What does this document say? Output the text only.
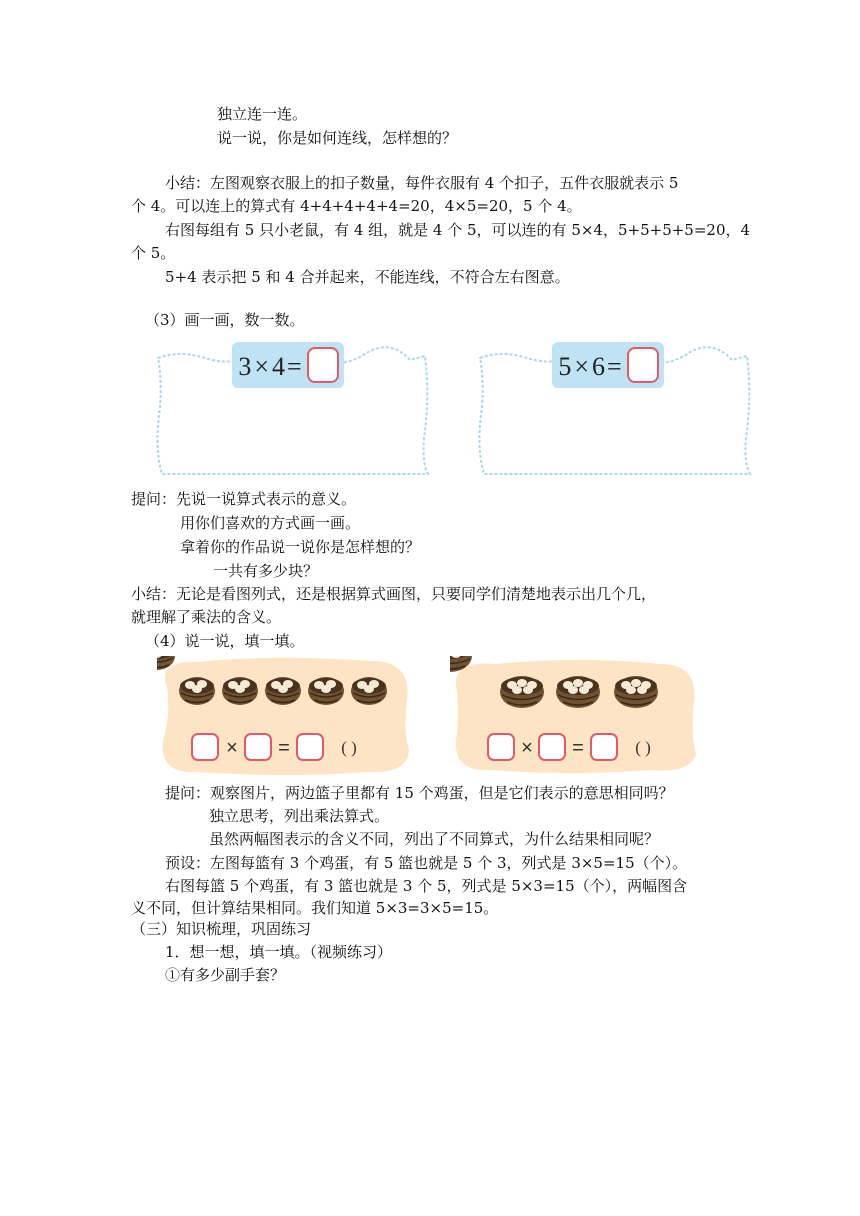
独立连一连。
说一说，你是如何连线，怎样想的？
小结：左图观察衣服上的扣子数量，每件衣服有 4 个扣子，五件衣服就表示 5
个 4。可以连上的算式有 4+4+4+4+4=20，4×5=20，5 个 4。
右图每组有 5 只小老鼠，有 4 组，就是 4 个 5，可以连的有 5×4，5+5+5+5=20，4
个 5。
5+4 表示把 5 和 4 合并起来，不能连线，不符合左右图意。
（3）画一画，数一数。
3 × 4=	5 × 6=
提问：先说一说算式表示的意义。
用你们喜欢的方式画一画。
拿着你的作品说一说你是怎样想的？
一共有多少块？
小结：无论是看图列式，还是根据算式画图，只要同学们清楚地表示出几个几，
就理解了乘法的含义。
（4）说一说，填一填。
× =	( )	× =	( )
提问：观察图片，两边篮子里都有 15 个鸡蛋，但是它们表示的意思相同吗？
独立思考，列出乘法算式。
虽然两幅图表示的含义不同，列出了不同算式，为什么结果相同呢？
预设：左图每篮有 3 个鸡蛋，有 5 篮也就是 5 个 3，列式是 3×5=15（个）。
右图每篮 5 个鸡蛋，有 3 篮也就是 3 个 5，列式是 5×3=15（个），两幅图含
义不同，但计算结果相同。我们知道 5×3=3×5=15。
（三）知识梳理，巩固练习
1．想一想，填一填。（视频练习）
①有多少副手套？
